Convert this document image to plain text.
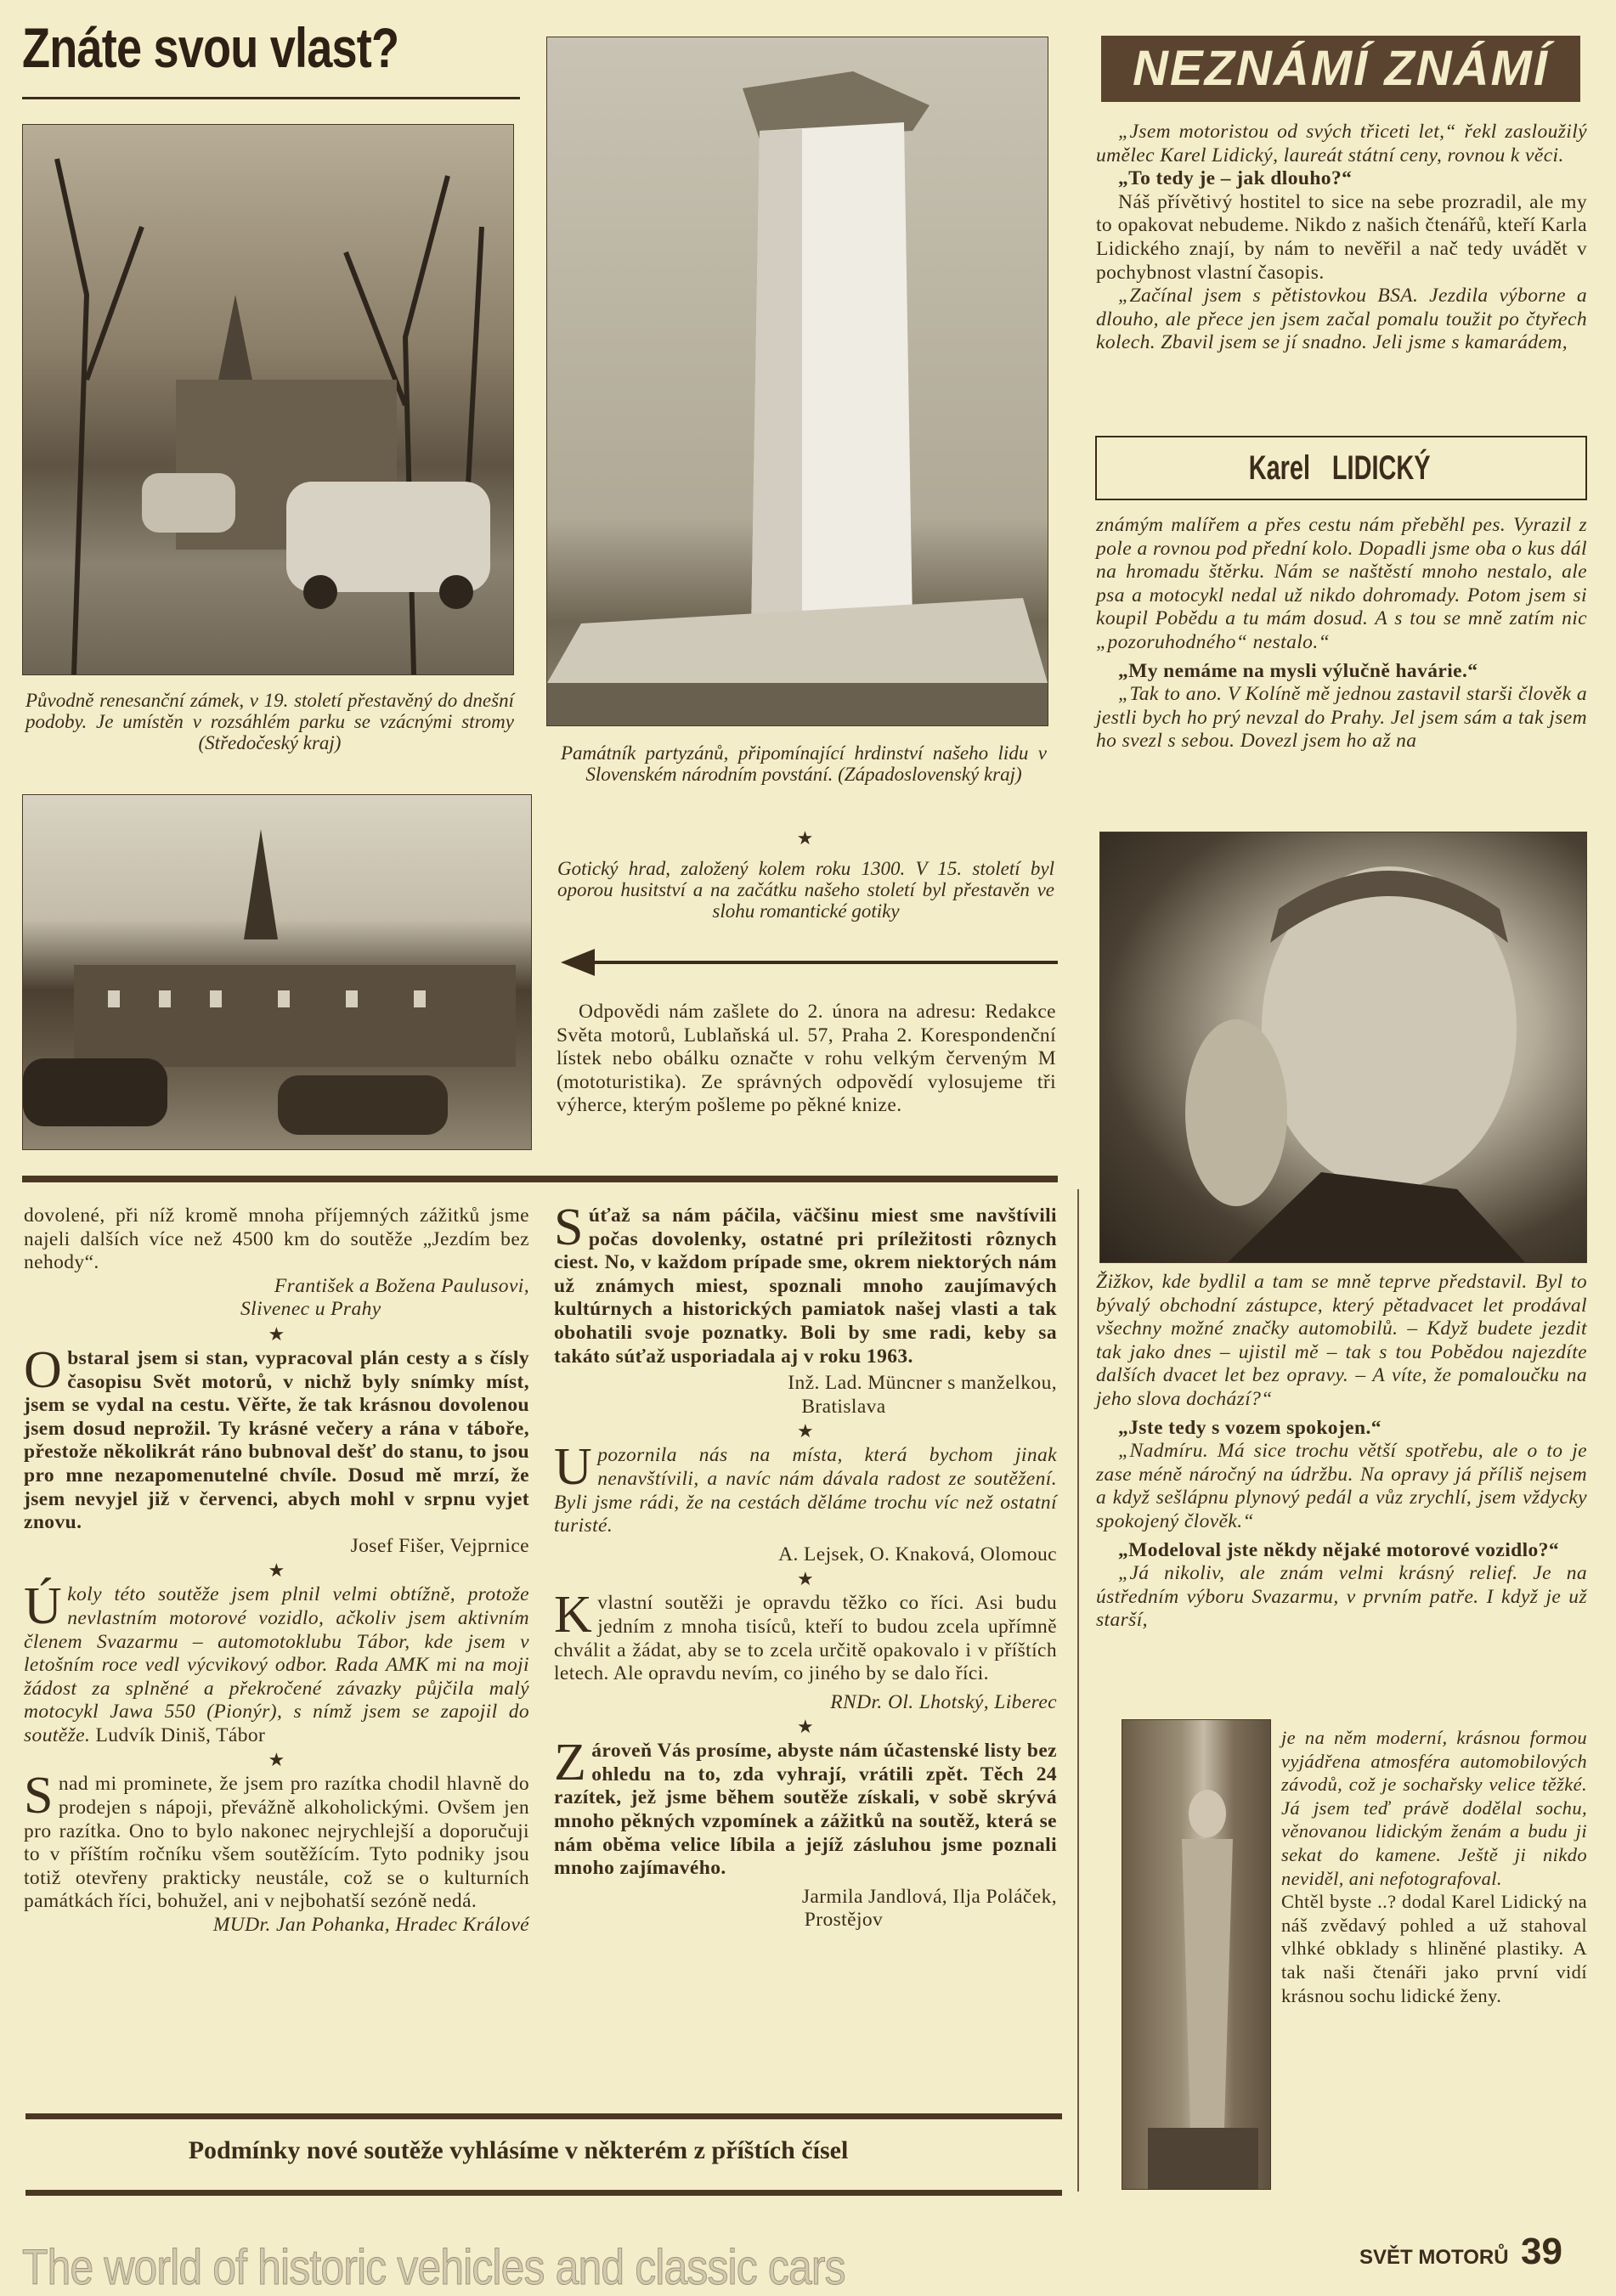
Znáte svou vlast?
Původně renesanční zámek, v 19. století přestavěný do dnešní podoby. Je umístěn v rozsáhlém parku se vzácnými stromy (Středočeský kraj)	Památník partyzánů, připomínající hrdinství našeho lidu v Slovenském národním povstání. (Západoslovenský kraj)
★
Gotický hrad, založený kolem roku 1300. V 15. století byl oporou husitství a na začátku našeho století byl přestavěn ve slohu romantické gotiky
Odpovědi nám zašlete do 2. února na adresu: Redakce Světa motorů, Lublaňská ul. 57, Praha 2. Korespondenční lístek nebo obálku označte v rohu velkým červeným M (mototuristika). Ze správných odpovědí vylosujeme tři výherce, kterým pošleme po pěkné knize.

dovolené, při níž kromě mnoha příjemných zážitků jsme najeli dalších více než 4500 km do soutěže „Jezdím bez nehody“.

František a Božena Paulusovi,

Slivenec u Prahy

★

Obstaral jsem si stan, vypracoval plán cesty a s čísly časopisu Svět motorů, v nichž byly snímky míst, jsem se vydal na cestu. Věřte, že tak krásnou dovolenou jsem dosud neprožil. Ty krásné večery a rána v tábořе, přestože několikrát ráno bubnoval dešť do stanu, to jsou pro mne nezapomenutelné chvíle. Dosud mě mrzí, že jsem nevyjel již v červenci, abych mohl v srpnu vyjet znovu.

Josef Fišer, Vejprnice

★

Úkoly této soutěže jsem plnil velmi obtížně, protože nevlastním motorové vozidlo, ačkoliv jsem aktivním členem Svazarmu – automotoklubu Tábor, kde jsem v letošním roce vedl výcvikový odbor. Rada AMK mi na moji žádost za splněné a překročené závazky půjčila malý motocykl Jawa 550 (Pionýr), s nímž jsem se zapojil do soutěže. Ludvík Diniš, Tábor

★

Snad mi prominete, že jsem pro razítka chodil hlavně do prodejen s nápoji, převážně alkoholickými. Ovšem jen pro razítka. Ono to bylo nakonec nejrychlejší a doporučuji to v příštím ročníku všem soutěžícím. Tyto podniky jsou totiž otevřeny prakticky neustále, což se o kulturních památkách říci, bohužel, ani v nejbohatší sezóně nedá.

MUDr. Jan Pohanka, Hradec Králové

Súťaž sa nám páčila, väčšinu miest sme navštívili počas dovolenky, ostatné pri príležitosti rôznych ciest. No, v každom prípade sme, okrem niektorých nám už známych miest, spoznali mnoho zaujímavých kultúrnych a historických pamiatok našej vlasti a tak obohatili svoje poznatky. Boli by sme radi, keby sa takáto súťaž usporiadala aj v roku 1963.

Inž. Lad. Müncner s manželkou,

Bratislava

★

Upozornila nás na místa, která bychom jinak nenavštívili, a navíc nám dávala radost ze soutěžení. Byli jsme rádi, že na cestách děláme trochu víc než ostatní turisté.

A. Lejsek, O. Knaková, Olomouc

★

Kvlastní soutěži je opravdu těžko co říci. Asi budu jedním z mnoha tisíců, kteří to budou zcela upřímně chválit a žádat, aby se to zcela určitě opakovalo i v příštích letech. Ale opravdu nevím, co jiného by se dalo říci.

RNDr. Ol. Lhotský, Liberec

★

Zároveň Vás prosíme, abyste nám účastenské listy bez ohledu na to, zda vyhrají, vrátili zpět. Těch 24 razítek, jež jsme během soutěže získali, v sobě skrývá mnoho pěkných vzpomínek a zážitků na soutěž, která se nám oběma velice líbila a jejíž zásluhou jsme poznali mnoho zajímavého.

Jarmila Jandlová, Ilja Poláček,

Prostějov

Podmínky nové soutěže vyhlásíme v některém z příštích čísel
NEZNÁMÍ ZNÁMÍ

„Jsem motoristou od svých třiceti let,“ řekl zasloužilý umělec Karel Lidický, laureát státní ceny, rovnou k věci.

„To tedy je – jak dlouho?“

Náš přívětivý hostitel to sice na sebe prozradil, ale my to opakovat nebudeme. Nikdo z našich čtenářů, kteří Karla Lidického znají, by nám to nevěřil a nač tedy uvádět v pochybnost vlastní časopis.

„Začínal jsem s pětistovkou BSA. Jezdila výborne a dlouho, ale přece jen jsem začal pomalu toužit po čtyřech kolech. Zbavil jsem se jí snadno. Jeli jsme s kamarádem,

Karel LIDICKÝ

známým malířem a přes cestu nám přeběhl pes. Vyrazil z pole a rovnou pod přední kolo. Dopadli jsme oba o kus dál na hromadu štěrku. Nám se naštěstí mnoho nestalo, ale psa a motocykl nedal už nikdo dohromady. Potom jsem si koupil Pobědu a tu mám dosud. A s tou se mně zatím nic „pozoruhodného“ nestalo.“

„My nemáme na mysli výlučně havárie.“

„Tak to ano. V Kolíně mě jednou zastavil starši člověk a jestli bych ho prý nevzal do Prahy. Jel jsem sám a tak jsem ho svezl s sebou. Dovezl jsem ho až na

Žižkov, kde bydlil a tam se mně teprve představil. Byl to bývalý obchodní zástupce, který pětadvacet let prodával všechny možné značky automobilů. – Když budete jezdit tak jako dnes – ujistil mě – tak s tou Pobědou najezdíte dalších dvacet let bez opravy. – A víte, že pomaloučku na jeho slova dochází?“

„Jste tedy s vozem spokojen.“

„Nadmíru. Má sice trochu větší spotřebu, ale o to je zase méně náročný na údržbu. Na opravy já příliš nejsem a když sešlápnu plynový pedál a vůz zrychlí, jsem vždycky spokojený člověk.“

„Modeloval jste někdy nějaké motorové vozidlo?“

„Já nikoliv, ale znám velmi krásný relief. Je na ústředním výboru Svazarmu, v prvním patře. I když je už starší,

je na něm moderní, krásnou formou vyjádřena atmosféra automobilových závodů, což je sochařsky velice těžké. Já jsem teď právě dodělal sochu, věnovanou lidickým ženám a budu ji sekat do kamene. Ještě ji nikdo neviděl, ani nefotografoval.

Chtěl byste ..? dodal Karel Lidický na náš zvědavý pohled a už stahoval vlhké obklady s hliněné plastiky. A tak naši čtenáři jako první vidí krásnou sochu lidické ženy.

SVĚT MOTORŮ 39
The world of historic vehicles and classic cars
